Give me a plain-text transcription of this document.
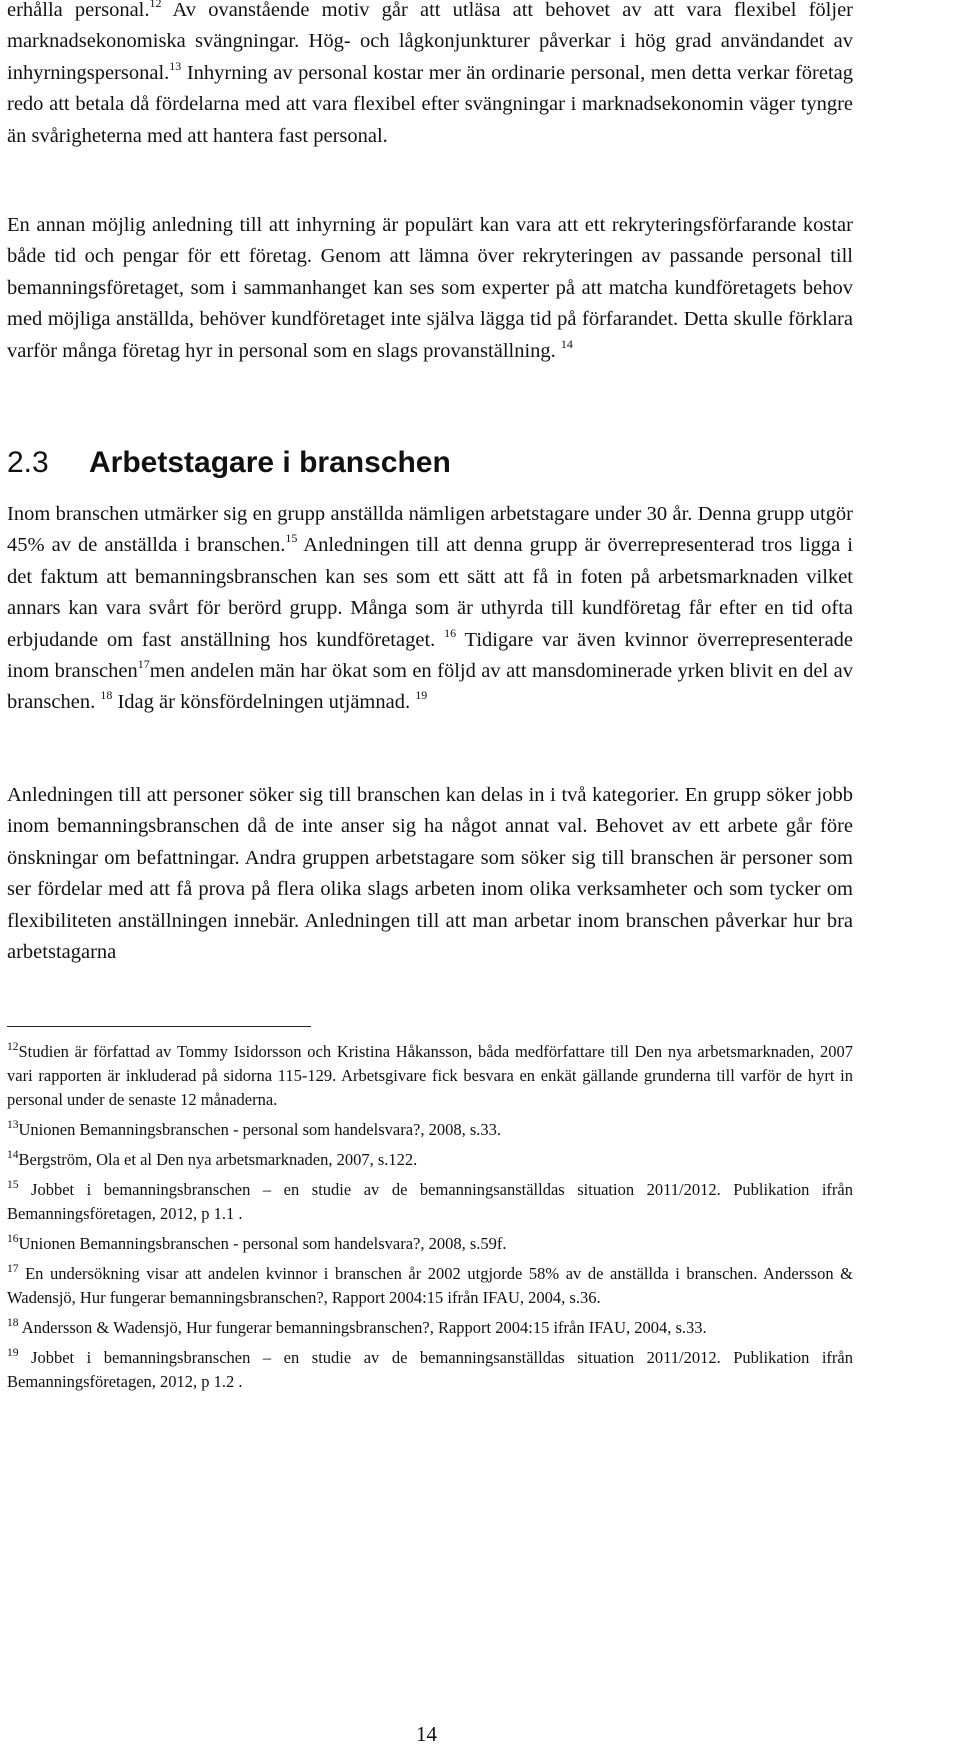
erhålla personal.$^{12}$ Av ovanstående motiv går att utläsa att behovet av att vara flexibel följer marknadsekonomiska svängningar. Hög- och lågkonjunkturer påverkar i hög grad användandet av inhyrningspersonal.$^{13}$ Inhyrning av personal kostar mer än ordinarie personal, men detta verkar företag redo att betala då fördelarna med att vara flexibel efter svängningar i marknadsekonomin väger tyngre än svårigheterna med att hantera fast personal.

En annan möjlig anledning till att inhyrning är populärt kan vara att ett rekryteringsförfarande kostar både tid och pengar för ett företag. Genom att lämna över rekryteringen av passande personal till bemanningsföretaget, som i sammanhanget kan ses som experter på att matcha kundföretagets behov med möjliga anställda, behöver kundföretaget inte själva lägga tid på förfarandet. Detta skulle förklara varför många företag hyr in personal som en slags provanställning. $^{14}$

2.3 Arbetstagare i branschen

Inom branschen utmärker sig en grupp anställda nämligen arbetstagare under 30 år. Denna grupp utgör 45% av de anställda i branschen.$^{15}$ Anledningen till att denna grupp är överrepresenterad tros ligga i det faktum att bemanningsbranschen kan ses som ett sätt att få in foten på arbetsmarknaden vilket annars kan vara svårt för berörd grupp. Många som är uthyrda till kundföretag får efter en tid ofta erbjudande om fast anställning hos kundföretaget. $^{16}$ Tidigare var även kvinnor överrepresenterade inom branschen$^{17}$men andelen män har ökat som en följd av att mansdominerade yrken blivit en del av branschen. $^{18}$ Idag är könsfördelningen utjämnad. $^{19}$

Anledningen till att personer söker sig till branschen kan delas in i två kategorier. En grupp söker jobb inom bemanningsbranschen då de inte anser sig ha något annat val. Behovet av ett arbete går före önskningar om befattningar. Andra gruppen arbetstagare som söker sig till branschen är personer som ser fördelar med att få prova på flera olika slags arbeten inom olika verksamheter och som tycker om flexibiliteten anställningen innebär. Anledningen till att man arbetar inom branschen påverkar hur bra arbetstagarna

$^{12}$Studien är författad av Tommy Isidorsson och Kristina Håkansson, båda medförfattare till Den nya arbetsmarknaden, 2007 vari rapporten är inkluderad på sidorna 115-129. Arbetsgivare fick besvara en enkät gällande grunderna till varför de hyrt in personal under de senaste 12 månaderna.

$^{13}$Unionen Bemanningsbranschen - personal som handelsvara?, 2008, s.33.

$^{14}$Bergström, Ola et al Den nya arbetsmarknaden, 2007, s.122.

$^{15}$ Jobbet i bemanningsbranschen – en studie av de bemanningsanställdas situation 2011/2012. Publikation ifrån Bemanningsföretagen, 2012, p 1.1 .

$^{16}$Unionen Bemanningsbranschen - personal som handelsvara?, 2008, s.59f.

$^{17}$ En undersökning visar att andelen kvinnor i branschen år 2002 utgjorde 58% av de anställda i branschen. Andersson & Wadensjö, Hur fungerar bemanningsbranschen?, Rapport 2004:15 ifrån IFAU, 2004, s.36.

$^{18}$ Andersson & Wadensjö, Hur fungerar bemanningsbranschen?, Rapport 2004:15 ifrån IFAU, 2004, s.33.

$^{19}$ Jobbet i bemanningsbranschen – en studie av de bemanningsanställdas situation 2011/2012. Publikation ifrån Bemanningsföretagen, 2012, p 1.2 .

14
